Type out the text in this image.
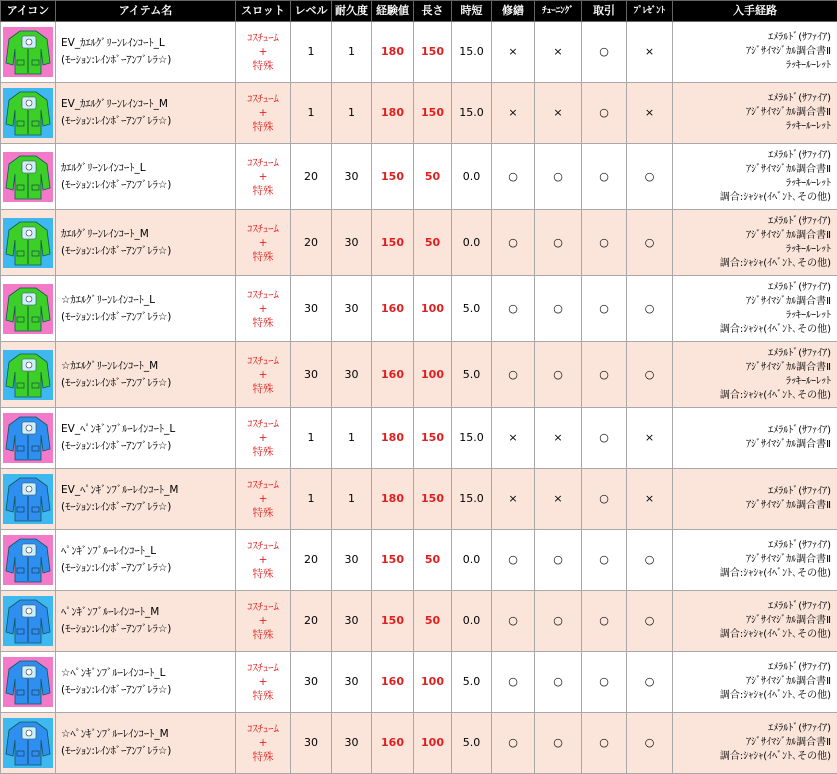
アイコン	アイテム名	スロット	レベル	耐久度	経験値	長さ	時短	修繕	ﾁｭｰﾆﾝｸﾞ	取引	ﾌﾟﾚｾﾞﾝﾄ	入手経路

EV_ｶｴﾙｸﾞﾘｰﾝﾚｲﾝｺｰﾄ_L
(ﾓｰｼｮﾝ:ﾚｲﾝﾎﾞｰｱﾝﾌﾞﾚﾗ☆)	ｺｽﾁｭｰﾑ
+
特殊	1	1	180	150	15.0	×	×	○	×	ｴﾒﾗﾙﾄﾞ(ｻﾌｧｲｱ)
ｱｼﾞｻｲﾏｼﾞｶﾙ調合書Ⅱ
ﾗｯｷｰﾙｰﾚｯﾄ

EV_ｶｴﾙｸﾞﾘｰﾝﾚｲﾝｺｰﾄ_M
(ﾓｰｼｮﾝ:ﾚｲﾝﾎﾞｰｱﾝﾌﾞﾚﾗ☆)	ｺｽﾁｭｰﾑ
+
特殊	1	1	180	150	15.0	×	×	○	×	ｴﾒﾗﾙﾄﾞ(ｻﾌｧｲｱ)
ｱｼﾞｻｲﾏｼﾞｶﾙ調合書Ⅱ
ﾗｯｷｰﾙｰﾚｯﾄ

ｶｴﾙｸﾞﾘｰﾝﾚｲﾝｺｰﾄ_L
(ﾓｰｼｮﾝ:ﾚｲﾝﾎﾞｰｱﾝﾌﾞﾚﾗ☆)	ｺｽﾁｭｰﾑ
+
特殊	20	30	150	50	0.0	○	○	○	○	ｴﾒﾗﾙﾄﾞ(ｻﾌｧｲｱ)
ｱｼﾞｻｲﾏｼﾞｶﾙ調合書Ⅱ
ﾗｯｷｰﾙｰﾚｯﾄ
調合:ｼｬｼｬ(ｲﾍﾞﾝﾄ､その他)

ｶｴﾙｸﾞﾘｰﾝﾚｲﾝｺｰﾄ_M
(ﾓｰｼｮﾝ:ﾚｲﾝﾎﾞｰｱﾝﾌﾞﾚﾗ☆)	ｺｽﾁｭｰﾑ
+
特殊	20	30	150	50	0.0	○	○	○	○	ｴﾒﾗﾙﾄﾞ(ｻﾌｧｲｱ)
ｱｼﾞｻｲﾏｼﾞｶﾙ調合書Ⅱ
ﾗｯｷｰﾙｰﾚｯﾄ
調合:ｼｬｼｬ(ｲﾍﾞﾝﾄ､その他)

☆ｶｴﾙｸﾞﾘｰﾝﾚｲﾝｺｰﾄ_L
(ﾓｰｼｮﾝ:ﾚｲﾝﾎﾞｰｱﾝﾌﾞﾚﾗ☆)	ｺｽﾁｭｰﾑ
+
特殊	30	30	160	100	5.0	○	○	○	○	ｴﾒﾗﾙﾄﾞ(ｻﾌｧｲｱ)
ｱｼﾞｻｲﾏｼﾞｶﾙ調合書Ⅱ
ﾗｯｷｰﾙｰﾚｯﾄ
調合:ｼｬｼｬ(ｲﾍﾞﾝﾄ､その他)

☆ｶｴﾙｸﾞﾘｰﾝﾚｲﾝｺｰﾄ_M
(ﾓｰｼｮﾝ:ﾚｲﾝﾎﾞｰｱﾝﾌﾞﾚﾗ☆)	ｺｽﾁｭｰﾑ
+
特殊	30	30	160	100	5.0	○	○	○	○	ｴﾒﾗﾙﾄﾞ(ｻﾌｧｲｱ)
ｱｼﾞｻｲﾏｼﾞｶﾙ調合書Ⅱ
ﾗｯｷｰﾙｰﾚｯﾄ
調合:ｼｬｼｬ(ｲﾍﾞﾝﾄ､その他)

EV_ﾍﾟﾝｷﾞﾝﾌﾞﾙｰﾚｲﾝｺｰﾄ_L
(ﾓｰｼｮﾝ:ﾚｲﾝﾎﾞｰｱﾝﾌﾞﾚﾗ☆)	ｺｽﾁｭｰﾑ
+
特殊	1	1	180	150	15.0	×	×	○	×	ｴﾒﾗﾙﾄﾞ(ｻﾌｧｲｱ)
ｱｼﾞｻｲﾏｼﾞｶﾙ調合書Ⅱ

EV_ﾍﾟﾝｷﾞﾝﾌﾞﾙｰﾚｲﾝｺｰﾄ_M
(ﾓｰｼｮﾝ:ﾚｲﾝﾎﾞｰｱﾝﾌﾞﾚﾗ☆)	ｺｽﾁｭｰﾑ
+
特殊	1	1	180	150	15.0	×	×	○	×	ｴﾒﾗﾙﾄﾞ(ｻﾌｧｲｱ)
ｱｼﾞｻｲﾏｼﾞｶﾙ調合書Ⅱ

ﾍﾟﾝｷﾞﾝﾌﾞﾙｰﾚｲﾝｺｰﾄ_L
(ﾓｰｼｮﾝ:ﾚｲﾝﾎﾞｰｱﾝﾌﾞﾚﾗ☆)	ｺｽﾁｭｰﾑ
+
特殊	20	30	150	50	0.0	○	○	○	○	ｴﾒﾗﾙﾄﾞ(ｻﾌｧｲｱ)
ｱｼﾞｻｲﾏｼﾞｶﾙ調合書Ⅱ
調合:ｼｬｼｬ(ｲﾍﾞﾝﾄ､その他)

ﾍﾟﾝｷﾞﾝﾌﾞﾙｰﾚｲﾝｺｰﾄ_M
(ﾓｰｼｮﾝ:ﾚｲﾝﾎﾞｰｱﾝﾌﾞﾚﾗ☆)	ｺｽﾁｭｰﾑ
+
特殊	20	30	150	50	0.0	○	○	○	○	ｴﾒﾗﾙﾄﾞ(ｻﾌｧｲｱ)
ｱｼﾞｻｲﾏｼﾞｶﾙ調合書Ⅱ
調合:ｼｬｼｬ(ｲﾍﾞﾝﾄ､その他)

☆ﾍﾟﾝｷﾞﾝﾌﾞﾙｰﾚｲﾝｺｰﾄ_L
(ﾓｰｼｮﾝ:ﾚｲﾝﾎﾞｰｱﾝﾌﾞﾚﾗ☆)	ｺｽﾁｭｰﾑ
+
特殊	30	30	160	100	5.0	○	○	○	○	ｴﾒﾗﾙﾄﾞ(ｻﾌｧｲｱ)
ｱｼﾞｻｲﾏｼﾞｶﾙ調合書Ⅱ
調合:ｼｬｼｬ(ｲﾍﾞﾝﾄ､その他)

☆ﾍﾟﾝｷﾞﾝﾌﾞﾙｰﾚｲﾝｺｰﾄ_M
(ﾓｰｼｮﾝ:ﾚｲﾝﾎﾞｰｱﾝﾌﾞﾚﾗ☆)	ｺｽﾁｭｰﾑ
+
特殊	30	30	160	100	5.0	○	○	○	○	ｴﾒﾗﾙﾄﾞ(ｻﾌｧｲｱ)
ｱｼﾞｻｲﾏｼﾞｶﾙ調合書Ⅱ
調合:ｼｬｼｬ(ｲﾍﾞﾝﾄ､その他)
